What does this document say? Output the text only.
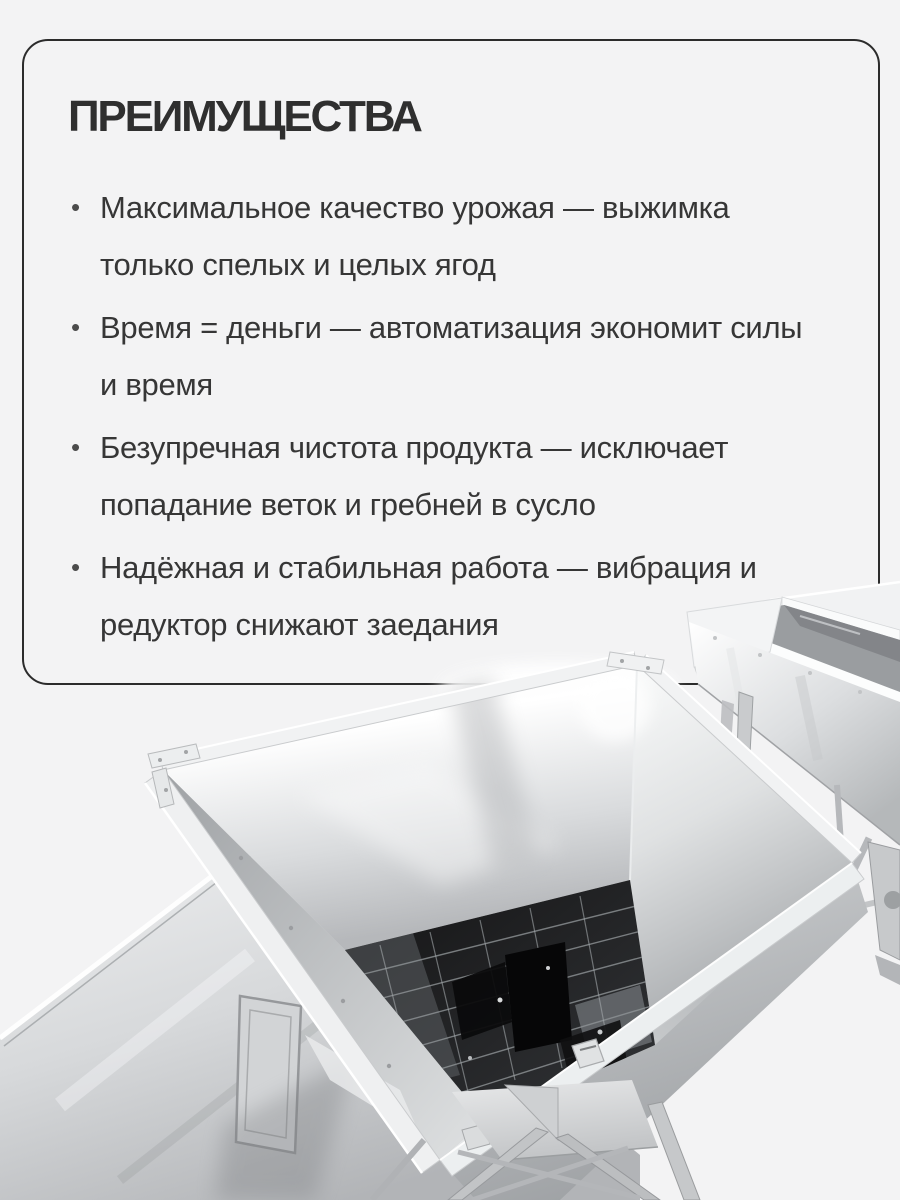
ПРЕИМУЩЕСТВА
• Максимальное качество урожая — выжимка
только спелых и целых ягод
• Время = деньги — автоматизация экономит силы
и время
• Безупречная чистота продукта — исключает
попадание веток и гребней в сусло
• Надёжная и стабильная работа — вибрация и
редуктор снижают заедания
